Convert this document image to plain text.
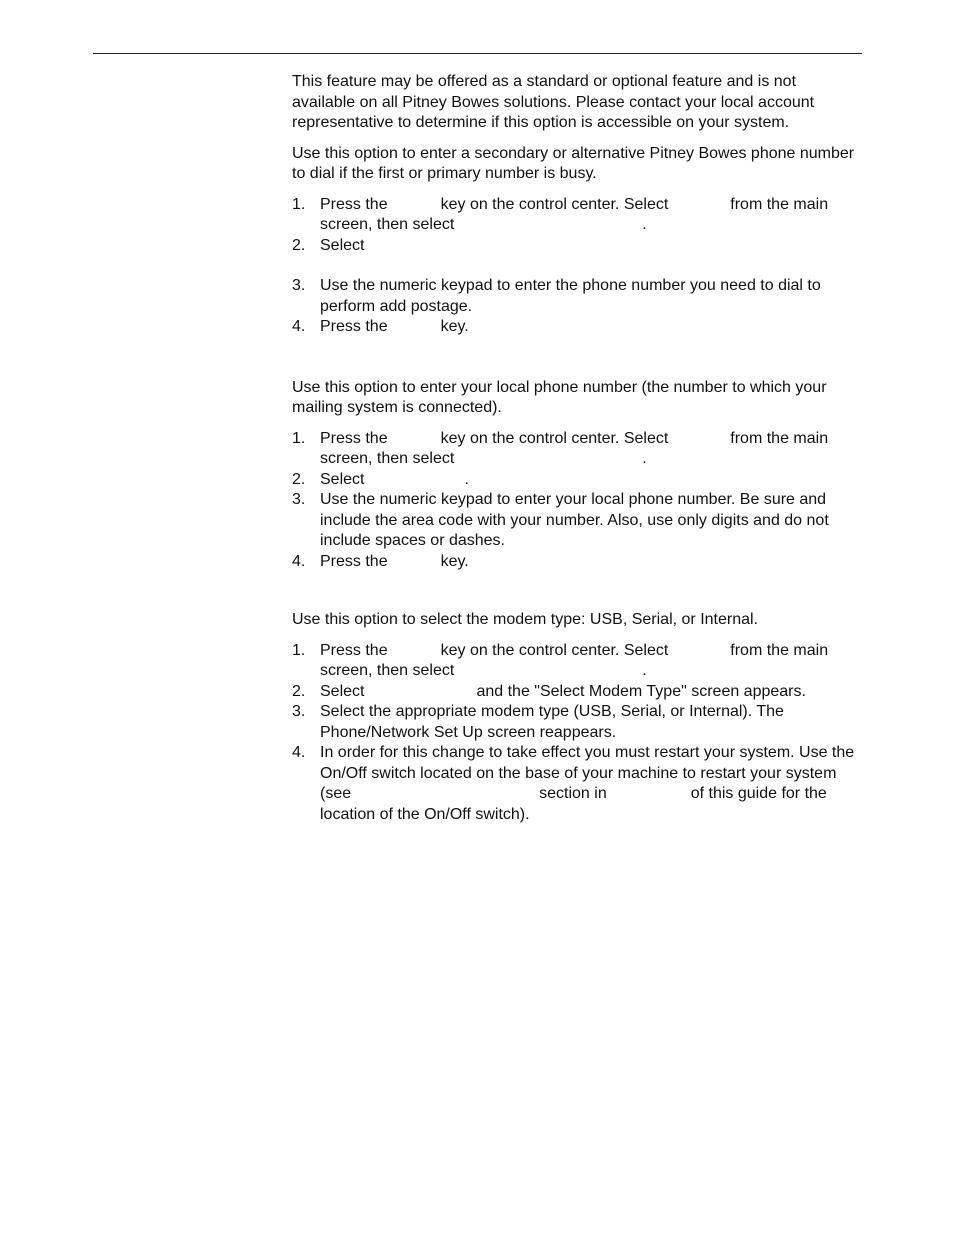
This feature may be offered as a standard or optional feature and is not available on all Pitney Bowes solutions. Please contact your local account representative to determine if this option is accessible on your system.

Use this option to enter a secondary or alternative Pitney Bowes phone number to dial if the first or primary number is busy.

1. Press the	key on the control center. Select	from the main screen, then select	.
2. Select
3. Use the numeric keypad to enter the phone number you need to dial to perform add postage.
4. Press the	key.

Use this option to enter your local phone number (the number to which your mailing system is connected).

1. Press the	key on the control center. Select	from the main screen, then select	.
2. Select	.
3. Use the numeric keypad to enter your local phone number. Be sure and include the area code with your number. Also, use only digits and do not include spaces or dashes.
4. Press the	key.

Use this option to select the modem type: USB, Serial, or Internal.

1. Press the	key on the control center. Select	from the main screen, then select	.
2. Select	and the "Select Modem Type" screen appears.
3. Select the appropriate modem type (USB, Serial, or Internal). The Phone/Network Set Up screen reappears.
4. In order for this change to take effect you must restart your system. Use the On/Off switch located on the base of your machine to restart your system (see	section in	of this guide for the location of the On/Off switch).
